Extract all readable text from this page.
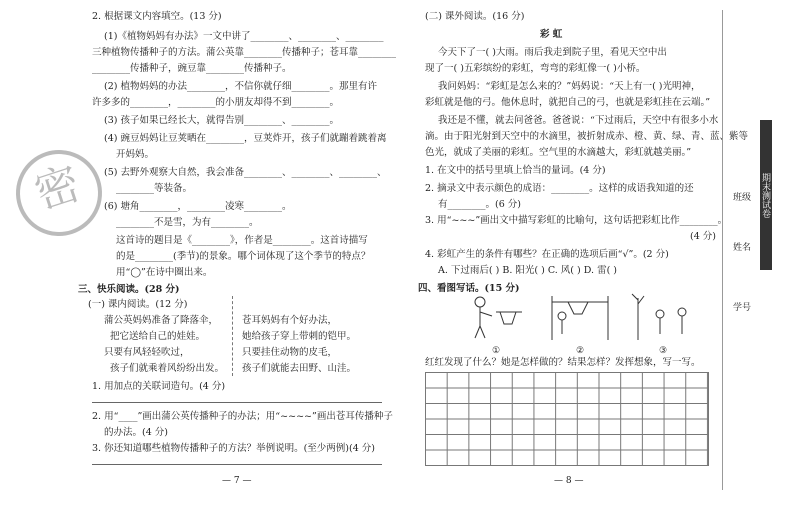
密
2. 根据课文内容填空。(13 分)
(1)《植物妈妈有办法》一文中讲了________、________、________
三种植物传播种子的方法。蒲公英靠________传播种子；苍耳靠________
________传播种子，豌豆靠________传播种子。
(2) 植物妈妈的办法________，不信你就仔细________。那里有许
许多多的________，________的小朋友却得不到________。
(3) 孩子如果已经长大，就得告别________、________。
(4) 豌豆妈妈让豆荚晒在________，豆荚炸开，孩子们就蹦着跳着离
开妈妈。
(5) 去野外观察大自然，我会准备________、________、________、
________等装备。
(6) 塘角________，________凌寒________。
________不是雪，为有________。
这首诗的题目是《________》，作者是________。这首诗描写
的是________(季节)的景象。哪个词体现了这个季节的特点？
用“◯”在诗中圈出来。
三、快乐阅读。(28 分)
(一) 课内阅读。(12 分)
蒲公英妈妈准备了降落伞，
把它送给自己的娃娃。
只要有风轻轻吹过，
孩子们就乘着风纷纷出发。
苍耳妈妈有个好办法，
她给孩子穿上带刺的铠甲。
只要挂住动物的皮毛，
孩子们就能去田野、山洼。
1. 用加点的关联词造句。(4 分)
2. 用“____”画出蒲公英传播种子的办法；用“~~~~”画出苍耳传播种子
的办法。(4 分)
3. 你还知道哪些植物传播种子的方法？举例说明。(至少两例)(4 分)
— 7 —
(二) 课外阅读。(16 分)
彩 虹
今天下了一( )大雨。雨后我走到院子里，看见天空中出
现了一( )五彩缤纷的彩虹，弯弯的彩虹像一( )小桥。
我问妈妈：“彩虹是怎么来的？”妈妈说：“天上有一( )光明神，
彩虹就是他的弓。他休息时，就把自己的弓，也就是彩虹挂在云端。”
我还是不懂，就去问爸爸。爸爸说：“下过雨后，天空中有很多小水
滴。由于阳光射到天空中的水滴里，被折射成赤、橙、黄、绿、青、蓝、紫等
色光，就成了美丽的彩虹。空气里的水滴越大，彩虹就越美丽。”
1. 在文中的括号里填上恰当的量词。(4 分)
2. 摘录文中表示颜色的成语：________。这样的成语我知道的还
有________。(6 分)
3. 用“~~~”画出文中描写彩虹的比喻句，这句话把彩虹比作________。
(4 分)
4. 彩虹产生的条件有哪些？在正确的选项后画“√”。(2 分)
A. 下过雨后( ) B. 阳光( ) C. 风( ) D. 雷( )
四、看图写话。(15 分)
①	②	③
红红发现了什么？她是怎样做的？结果怎样？发挥想象，写一写。
— 8 —
班级
姓名
学号
期末测试卷
